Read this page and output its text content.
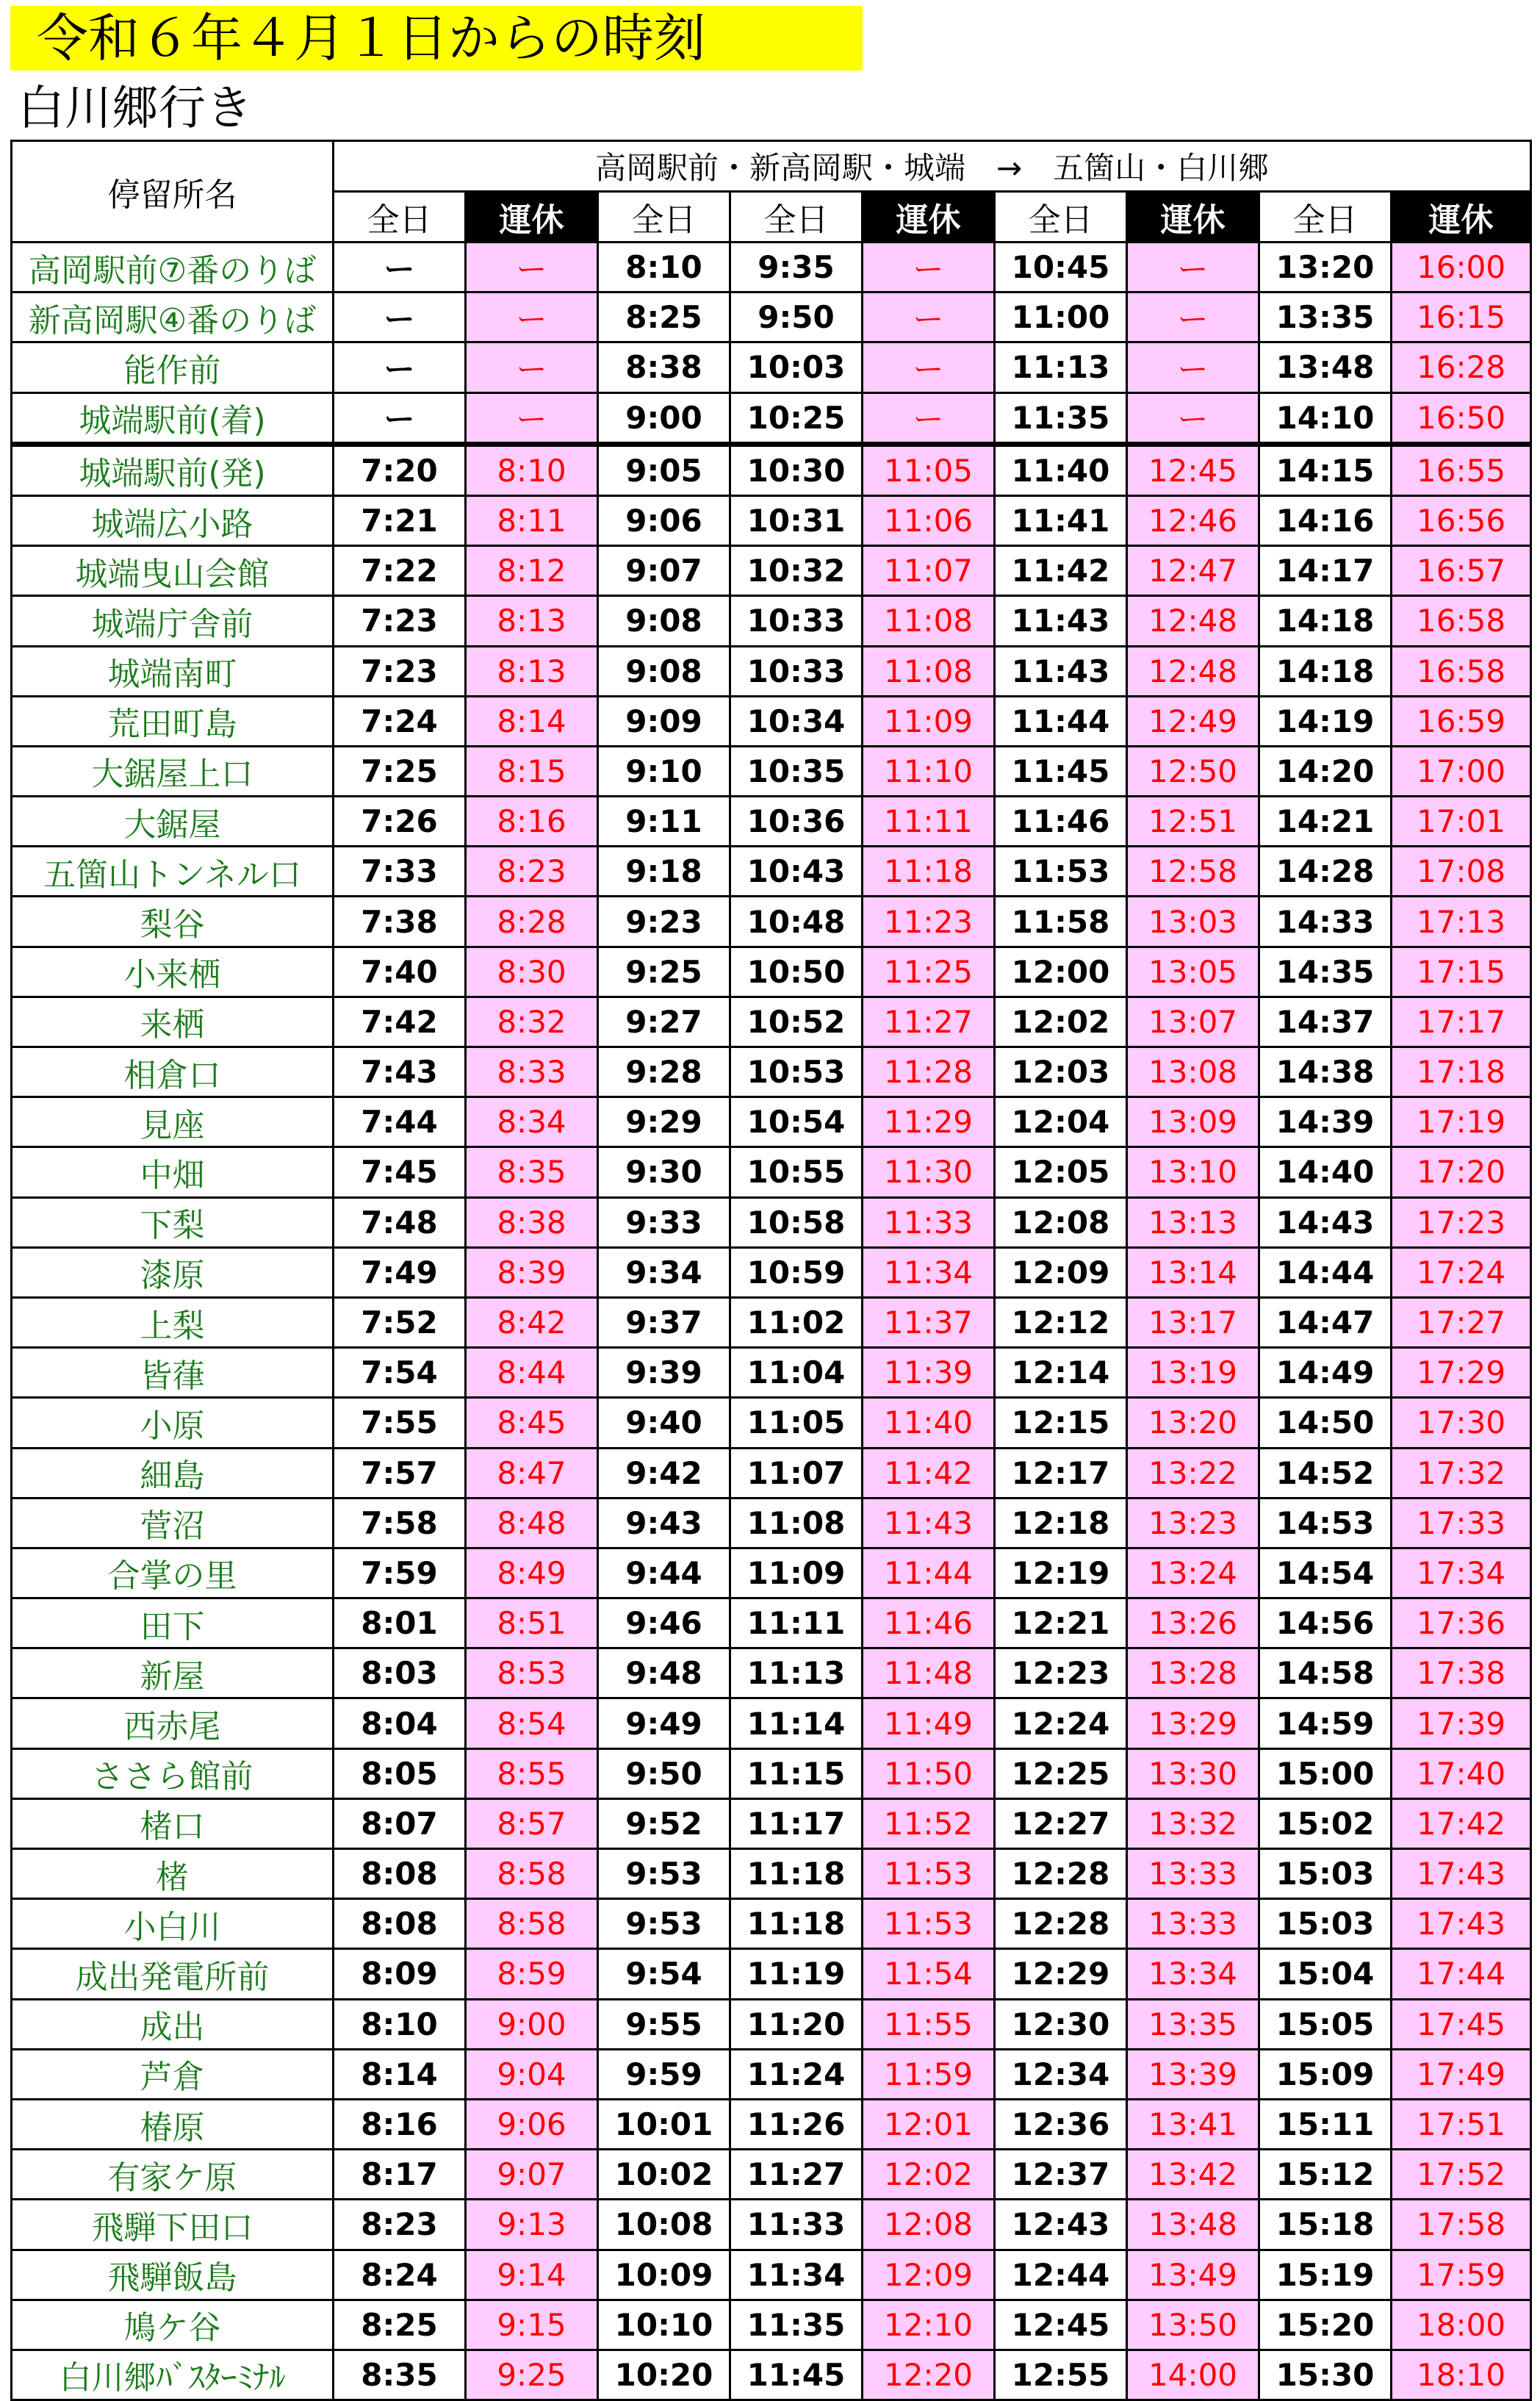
令和６年４月１日からの時刻
白川郷行き
停留所名	高岡駅前・新高岡駅・城端　→　五箇山・白川郷								
	全日	運休	全日	全日	運休	全日	運休	全日	運休
高岡駅前⑦番のりば	ー	ー	8:10	9:35	ー	10:45	ー	13:20	16:00
新高岡駅④番のりば	ー	ー	8:25	9:50	ー	11:00	ー	13:35	16:15
能作前	ー	ー	8:38	10:03	ー	11:13	ー	13:48	16:28
城端駅前(着)	ー	ー	9:00	10:25	ー	11:35	ー	14:10	16:50
城端駅前(発)	7:20	8:10	9:05	10:30	11:05	11:40	12:45	14:15	16:55
城端広小路	7:21	8:11	9:06	10:31	11:06	11:41	12:46	14:16	16:56
城端曳山会館	7:22	8:12	9:07	10:32	11:07	11:42	12:47	14:17	16:57
城端庁舎前	7:23	8:13	9:08	10:33	11:08	11:43	12:48	14:18	16:58
城端南町	7:23	8:13	9:08	10:33	11:08	11:43	12:48	14:18	16:58
荒田町島	7:24	8:14	9:09	10:34	11:09	11:44	12:49	14:19	16:59
大鋸屋上口	7:25	8:15	9:10	10:35	11:10	11:45	12:50	14:20	17:00
大鋸屋	7:26	8:16	9:11	10:36	11:11	11:46	12:51	14:21	17:01
五箇山トンネル口	7:33	8:23	9:18	10:43	11:18	11:53	12:58	14:28	17:08
梨谷	7:38	8:28	9:23	10:48	11:23	11:58	13:03	14:33	17:13
小来栖	7:40	8:30	9:25	10:50	11:25	12:00	13:05	14:35	17:15
来栖	7:42	8:32	9:27	10:52	11:27	12:02	13:07	14:37	17:17
相倉口	7:43	8:33	9:28	10:53	11:28	12:03	13:08	14:38	17:18
見座	7:44	8:34	9:29	10:54	11:29	12:04	13:09	14:39	17:19
中畑	7:45	8:35	9:30	10:55	11:30	12:05	13:10	14:40	17:20
下梨	7:48	8:38	9:33	10:58	11:33	12:08	13:13	14:43	17:23
漆原	7:49	8:39	9:34	10:59	11:34	12:09	13:14	14:44	17:24
上梨	7:52	8:42	9:37	11:02	11:37	12:12	13:17	14:47	17:27
皆葎	7:54	8:44	9:39	11:04	11:39	12:14	13:19	14:49	17:29
小原	7:55	8:45	9:40	11:05	11:40	12:15	13:20	14:50	17:30
細島	7:57	8:47	9:42	11:07	11:42	12:17	13:22	14:52	17:32
菅沼	7:58	8:48	9:43	11:08	11:43	12:18	13:23	14:53	17:33
合掌の里	7:59	8:49	9:44	11:09	11:44	12:19	13:24	14:54	17:34
田下	8:01	8:51	9:46	11:11	11:46	12:21	13:26	14:56	17:36
新屋	8:03	8:53	9:48	11:13	11:48	12:23	13:28	14:58	17:38
西赤尾	8:04	8:54	9:49	11:14	11:49	12:24	13:29	14:59	17:39
ささら館前	8:05	8:55	9:50	11:15	11:50	12:25	13:30	15:00	17:40
楮口	8:07	8:57	9:52	11:17	11:52	12:27	13:32	15:02	17:42
楮	8:08	8:58	9:53	11:18	11:53	12:28	13:33	15:03	17:43
小白川	8:08	8:58	9:53	11:18	11:53	12:28	13:33	15:03	17:43
成出発電所前	8:09	8:59	9:54	11:19	11:54	12:29	13:34	15:04	17:44
成出	8:10	9:00	9:55	11:20	11:55	12:30	13:35	15:05	17:45
芦倉	8:14	9:04	9:59	11:24	11:59	12:34	13:39	15:09	17:49
椿原	8:16	9:06	10:01	11:26	12:01	12:36	13:41	15:11	17:51
有家ケ原	8:17	9:07	10:02	11:27	12:02	12:37	13:42	15:12	17:52
飛騨下田口	8:23	9:13	10:08	11:33	12:08	12:43	13:48	15:18	17:58
飛騨飯島	8:24	9:14	10:09	11:34	12:09	12:44	13:49	15:19	17:59
鳩ケ谷	8:25	9:15	10:10	11:35	12:10	12:45	13:50	15:20	18:00
白川郷ﾊﾞｽﾀｰﾐﾅﾙ	8:35	9:25	10:20	11:45	12:20	12:55	14:00	15:30	18:10
